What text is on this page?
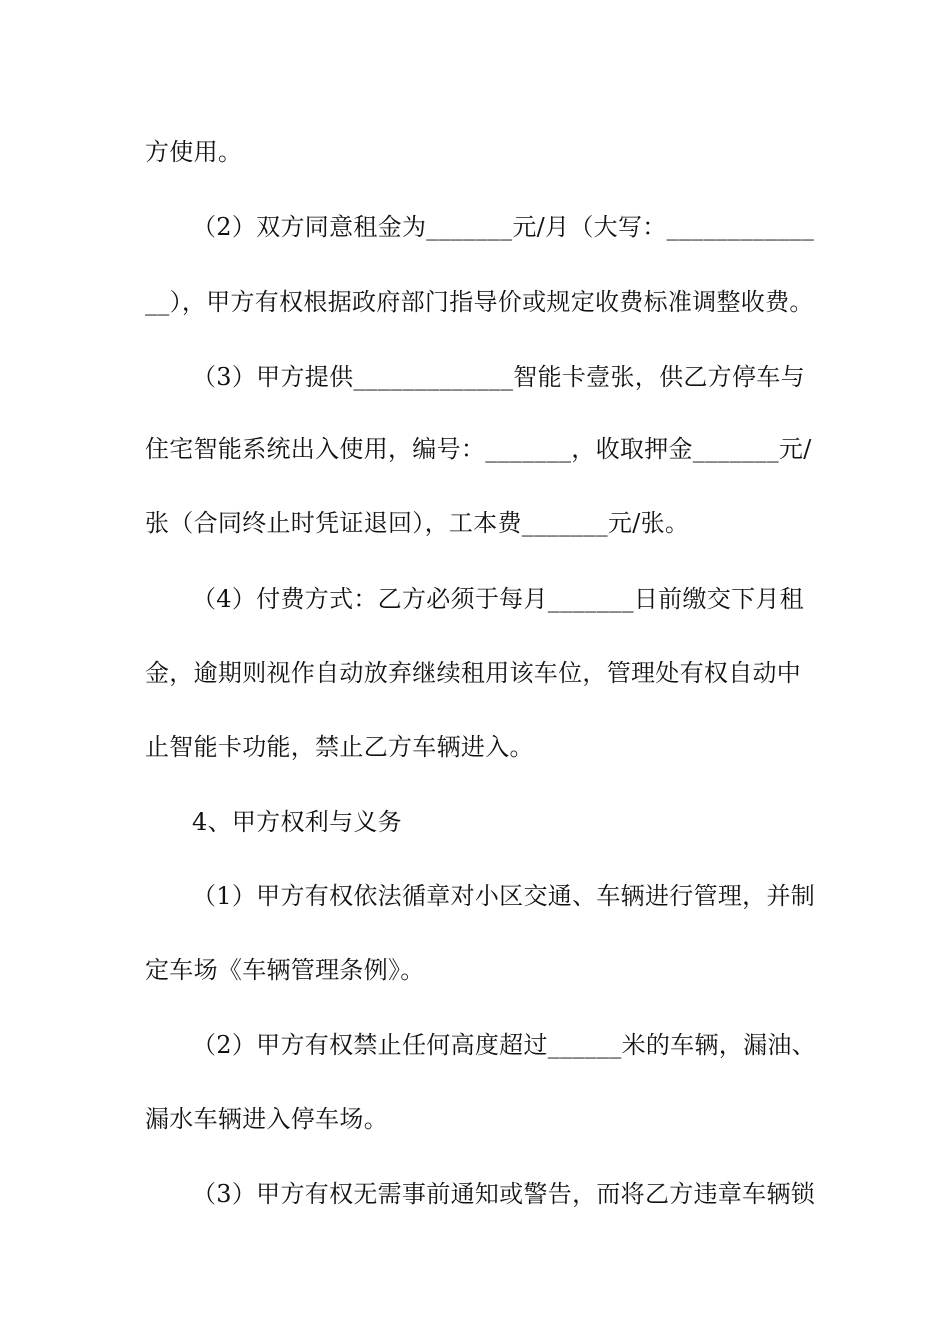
方使用。
（2）双方同意租金为_______元/月（大写：____________
__），甲方有权根据政府部门指导价或规定收费标准调整收费。
（3）甲方提供_____________智能卡壹张，供乙方停车与
住宅智能系统出入使用，编号：_______，收取押金_______元/
张（合同终止时凭证退回），工本费_______元/张。
（4）付费方式：乙方必须于每月_______日前缴交下月租
金，逾期则视作自动放弃继续租用该车位，管理处有权自动中
止智能卡功能，禁止乙方车辆进入。
4、甲方权利与义务
（1）甲方有权依法循章对小区交通、车辆进行管理，并制
定车场《车辆管理条例》。
（2）甲方有权禁止任何高度超过______米的车辆，漏油、
漏水车辆进入停车场。
（3）甲方有权无需事前通知或警告，而将乙方违章车辆锁
